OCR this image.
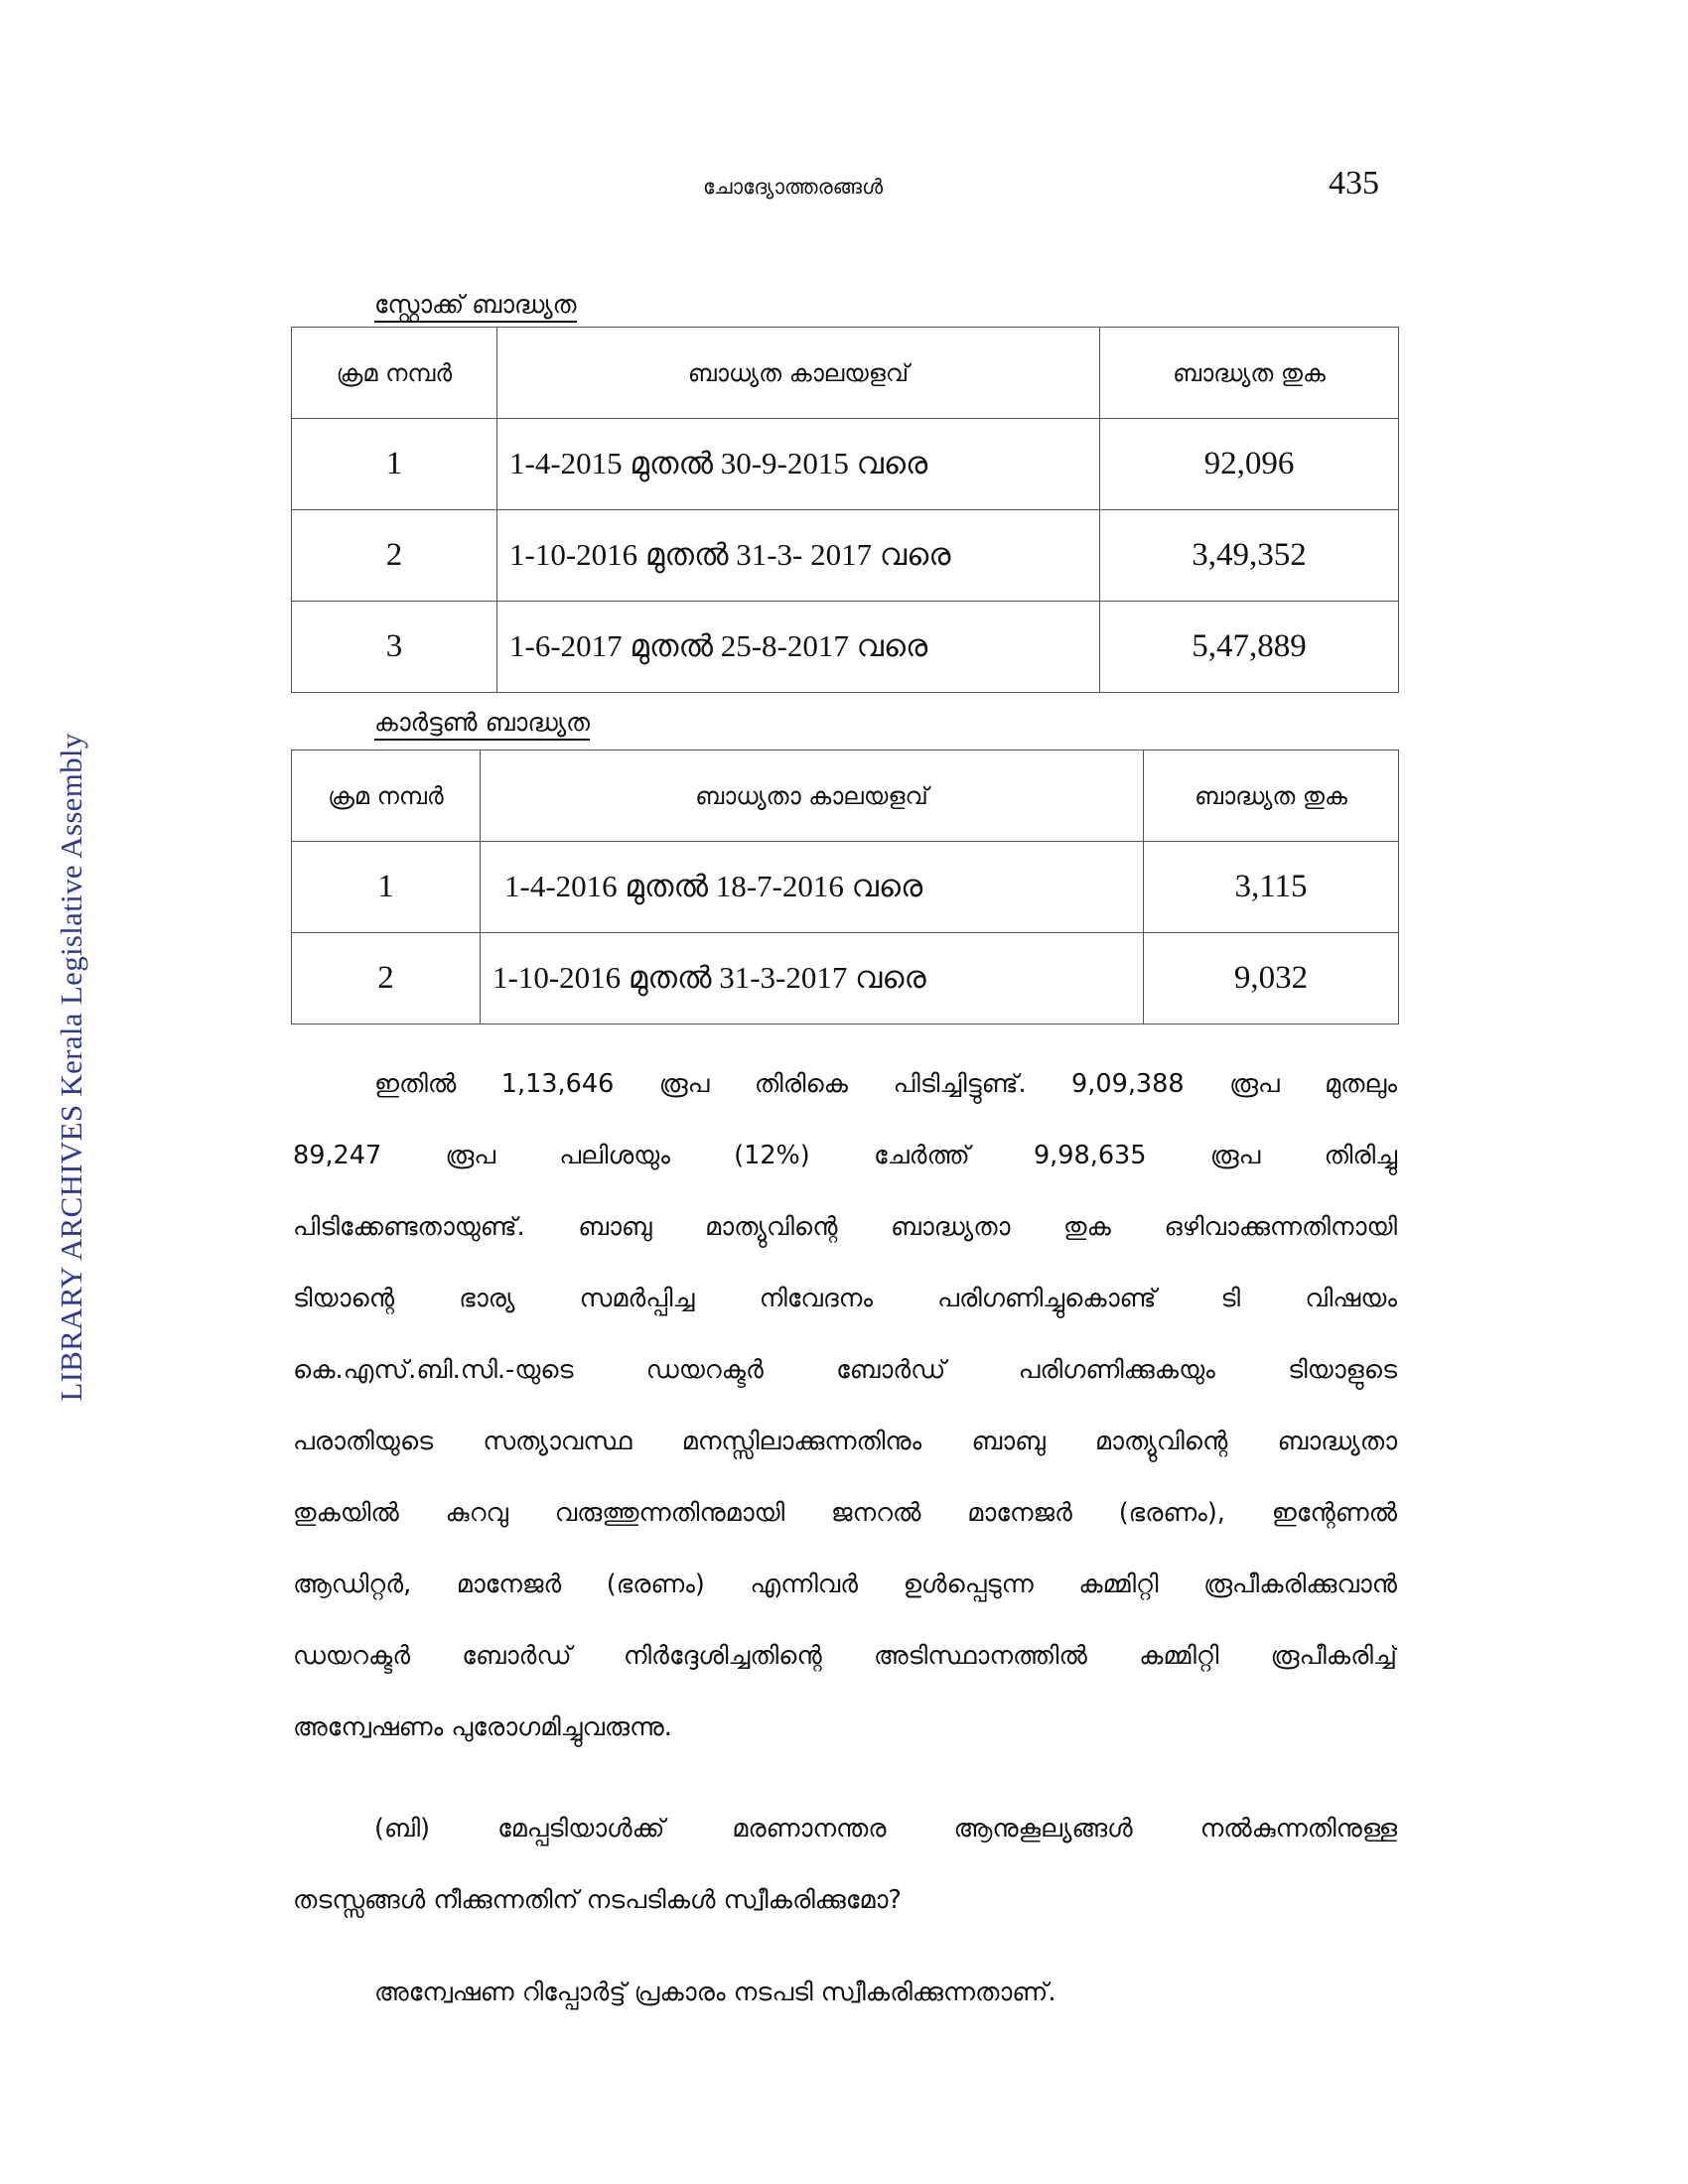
LIBRARY ARCHIVES Kerala Legislative Assembly
ചോദ്യോത്തരങ്ങൾ	435
സ്റ്റോക്ക് ബാദ്ധ്യത
ക്രമ നമ്പർ	ബാധ്യത കാലയളവ്	ബാദ്ധ്യത തുക
1	1-4-2015 മുതൽ 30-9-2015 വരെ	92,096
2	1-10-2016 മുതൽ 31-3- 2017 വരെ	3,49,352
3	1-6-2017 മുതൽ 25-8-2017 വരെ	5,47,889
കാർട്ടൺ ബാദ്ധ്യത
ക്രമ നമ്പർ	ബാധ്യതാ കാലയളവ്	ബാദ്ധ്യത തുക
1	1-4-2016 മുതൽ 18-7-2016 വരെ	3,115
2	1-10-2016 മുതൽ 31-3-2017 വരെ	9,032
ഇതിൽ 1,13,646 രൂപ തിരികെ പിടിച്ചിട്ടുണ്ട്. 9,09,388 രൂപ മുതലും
89,247 രൂപ പലിശയും (12%) ചേർത്ത് 9,98,635 രൂപ തിരിച്ചു
പിടിക്കേണ്ടതായുണ്ട്. ബാബു മാത്യുവിന്റെ ബാദ്ധ്യതാ തുക ഒഴിവാക്കുന്നതിനായി
ടിയാന്റെ ഭാര്യ സമർപ്പിച്ച നിവേദനം പരിഗണിച്ചുകൊണ്ട് ടി വിഷയം
കെ.എസ്.ബി.സി.-യുടെ ഡയറക്ടർ ബോർഡ് പരിഗണിക്കുകയും ടിയാളുടെ
പരാതിയുടെ സത്യാവസ്ഥ മനസ്സിലാക്കുന്നതിനും ബാബു മാത്യുവിന്റെ ബാദ്ധ്യതാ
തുകയിൽ കുറവു വരുത്തുന്നതിനുമായി ജനറൽ മാനേജർ (ഭരണം), ഇന്റേണൽ
ആഡിറ്റർ, മാനേജർ (ഭരണം) എന്നിവർ ഉൾപ്പെടുന്ന കമ്മിറ്റി രൂപീകരിക്കുവാൻ
ഡയറക്ടർ ബോർഡ് നിർദ്ദേശിച്ചതിന്റെ അടിസ്ഥാനത്തിൽ കമ്മിറ്റി രൂപീകരിച്ച്
അന്വേഷണം പുരോഗമിച്ചുവരുന്നു.
(ബി) മേപ്പടിയാൾക്ക് മരണാനന്തര ആനുകൂല്യങ്ങൾ നൽകുന്നതിനുള്ള
തടസ്സങ്ങൾ നീക്കുന്നതിന് നടപടികൾ സ്വീകരിക്കുമോ?
അന്വേഷണ റിപ്പോർട്ട് പ്രകാരം നടപടി സ്വീകരിക്കുന്നതാണ്.
